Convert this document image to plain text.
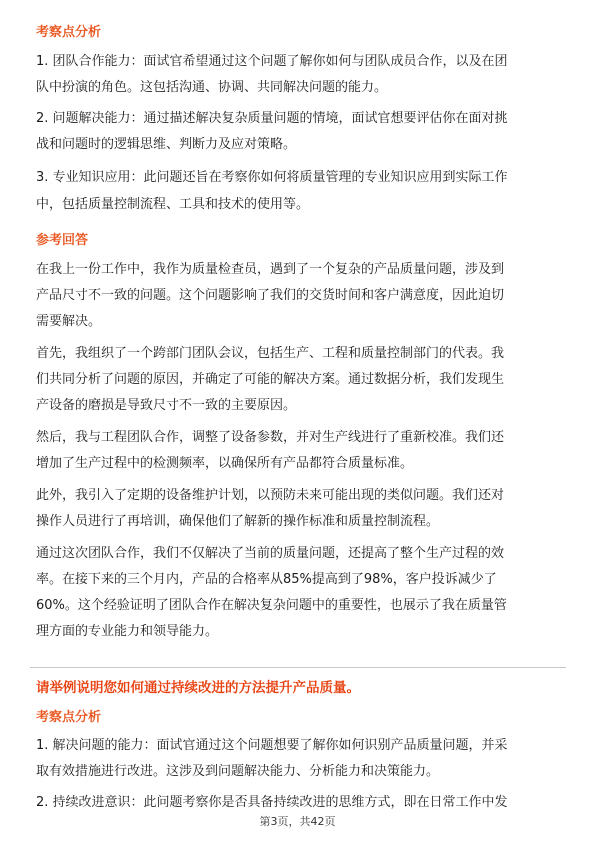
考察点分析
1. 团队合作能力：面试官希望通过这个问题了解你如何与团队成员合作，以及在团
队中扮演的角色。这包括沟通、协调、共同解决问题的能力。
2. 问题解决能力：通过描述解决复杂质量问题的情境，面试官想要评估你在面对挑
战和问题时的逻辑思维、判断力及应对策略。
3. 专业知识应用：此问题还旨在考察你如何将质量管理的专业知识应用到实际工作
中，包括质量控制流程、工具和技术的使用等。
参考回答
在我上一份工作中，我作为质量检查员，遇到了一个复杂的产品质量问题，涉及到
产品尺寸不一致的问题。这个问题影响了我们的交货时间和客户满意度，因此迫切
需要解决。
首先，我组织了一个跨部门团队会议，包括生产、工程和质量控制部门的代表。我
们共同分析了问题的原因，并确定了可能的解决方案。通过数据分析，我们发现生
产设备的磨损是导致尺寸不一致的主要原因。
然后，我与工程团队合作，调整了设备参数，并对生产线进行了重新校准。我们还
增加了生产过程中的检测频率，以确保所有产品都符合质量标准。
此外，我引入了定期的设备维护计划，以预防未来可能出现的类似问题。我们还对
操作人员进行了再培训，确保他们了解新的操作标准和质量控制流程。
通过这次团队合作，我们不仅解决了当前的质量问题，还提高了整个生产过程的效
率。在接下来的三个月内，产品的合格率从85%提高到了98%，客户投诉减少了
60%。这个经验证明了团队合作在解决复杂问题中的重要性，也展示了我在质量管
理方面的专业能力和领导能力。
请举例说明您如何通过持续改进的方法提升产品质量。
考察点分析
1. 解决问题的能力：面试官通过这个问题想要了解你如何识别产品质量问题，并采
取有效措施进行改进。这涉及到问题解决能力、分析能力和决策能力。
2. 持续改进意识：此问题考察你是否具备持续改进的思维方式，即在日常工作中发
第3页，共42页
